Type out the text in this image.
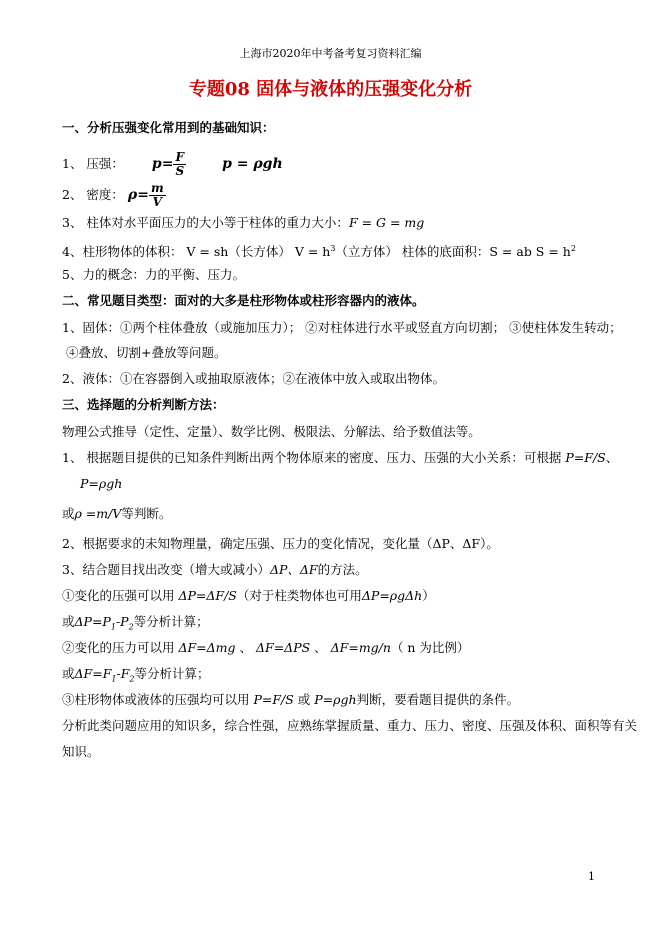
上海市2020年中考备考复习资料汇编
专题08 固体与液体的压强变化分析
一、分析压强变化常用到的基础知识：
1、 压强： $p= \frac{F}{S}$	p = ρgh
2、 密度： $\rho= \frac{m}{V}$
3、 柱体对水平面压力的大小等于柱体的重力大小：F = G = mg
4、柱形物体的体积： V = sh（长方体） $V = h^3$（立方体） 柱体的底面积：S = ab $S = h^2$
5、力的概念：力的平衡、压力。
二、常见题目类型：面对的大多是柱形物体或柱形容器内的液体。
1、固体：①两个柱体叠放（或施加压力）； ②对柱体进行水平或竖直方向切割； ③使柱体发生转动；
④叠放、切割+叠放等问题。
2、液体：①在容器倒入或抽取原液体；②在液体中放入或取出物体。
三、选择题的分析判断方法：
物理公式推导（定性、定量）、数学比例、极限法、分解法、给予数值法等。
1、 根据题目提供的已知条件判断出两个物体原来的密度、压力、压强的大小关系：可根据 P=F/S、
P=ρgh
或ρ =m/V等判断。
2、根据要求的未知物理量，确定压强、压力的变化情况，变化量（ΔP、ΔF）。
3、结合题目找出改变（增大或减小）ΔP、ΔF的方法。
①变化的压强可以用 ΔP=ΔF/S（对于柱类物体也可用ΔP=ρgΔh）
或$\Delta P=P_1-P_2$等分析计算；
②变化的压力可以用 ΔF=Δmg 、 ΔF=ΔPS 、 ΔF=mg/n（ n 为比例）
或$\Delta F=F_1-F_2$等分析计算；
③柱形物体或液体的压强均可以用 P=F/S 或 P=ρgh判断，要看题目提供的条件。
分析此类问题应用的知识多，综合性强，应熟练掌握质量、重力、压力、密度、压强及体积、面积等有关
知识。
1
